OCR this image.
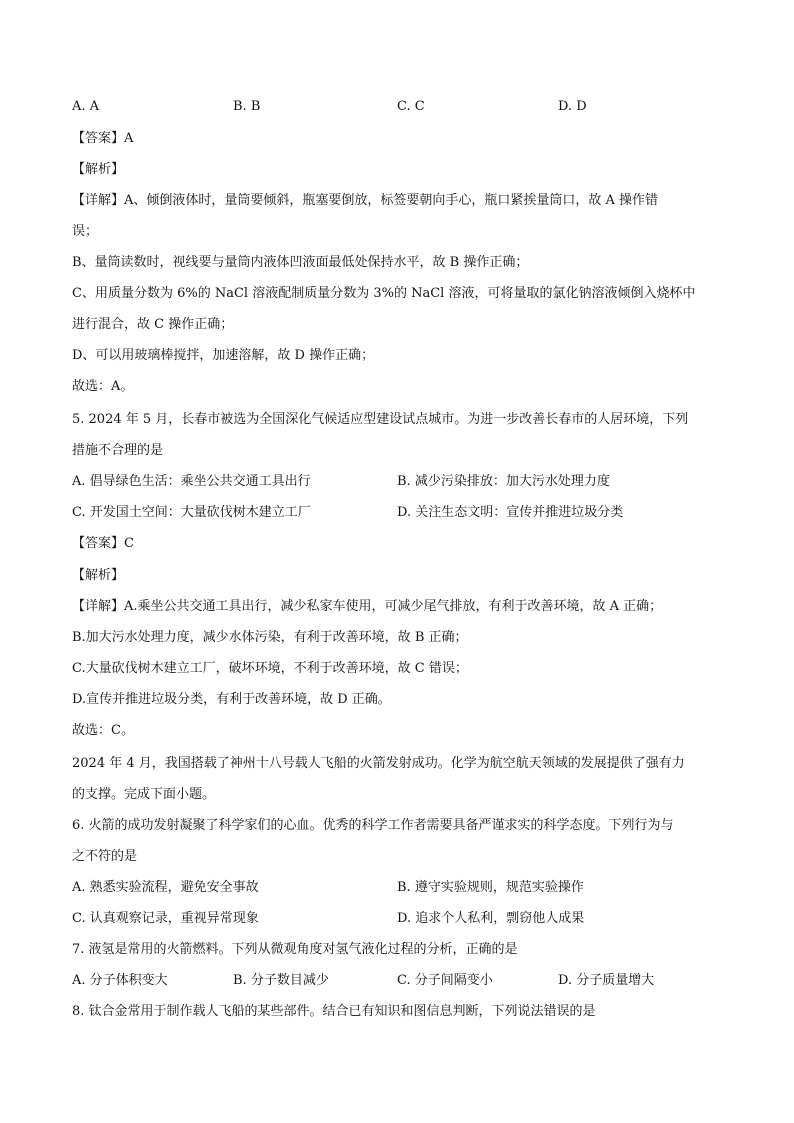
A. A	B. B	C. C	D. D
【答案】A
【解析】
【详解】A、倾倒液体时，量筒要倾斜，瓶塞要倒放，标签要朝向手心，瓶口紧挨量筒口，故 A 操作错
误；
B、量筒读数时，视线要与量筒内液体凹液面最低处保持水平，故 B 操作正确；
C、用质量分数为 6%的 NaCl 溶液配制质量分数为 3%的 NaCl 溶液，可将量取的氯化钠溶液倾倒入烧杯中
进行混合，故 C 操作正确；
D、可以用玻璃棒搅拌，加速溶解，故 D 操作正确；
故选：A。
5. 2024 年 5 月，长春市被选为全国深化气候适应型建设试点城市。为进一步改善长春市的人居环境，下列
措施不合理的是
A. 倡导绿色生活：乘坐公共交通工具出行	B. 减少污染排放：加大污水处理力度
C. 开发国土空间：大量砍伐树木建立工厂	D. 关注生态文明：宣传并推进垃圾分类
【答案】C
【解析】
【详解】A.乘坐公共交通工具出行，减少私家车使用，可减少尾气排放，有利于改善环境，故 A 正确；
B.加大污水处理力度，减少水体污染，有利于改善环境，故 B 正确；
C.大量砍伐树木建立工厂，破坏环境，不利于改善环境，故 C 错误；
D.宣传并推进垃圾分类，有利于改善环境，故 D 正确。
故选：C。
2024 年 4 月，我国搭载了神州十八号载人飞船的火箭发射成功。化学为航空航天领域的发展提供了强有力
的支撑。完成下面小题。
6. 火箭的成功发射凝聚了科学家们的心血。优秀的科学工作者需要具备严谨求实的科学态度。下列行为与
之不符的是
A. 熟悉实验流程，避免安全事故	B. 遵守实验规则，规范实验操作
C. 认真观察记录，重视异常现象	D. 追求个人私利，剽窃他人成果
7. 液氢是常用的火箭燃料。下列从微观角度对氢气液化过程的分析，正确的是
A. 分子体积变大	B. 分子数目减少	C. 分子间隔变小	D. 分子质量增大
8. 钛合金常用于制作载人飞船的某些部件。结合已有知识和图信息判断，下列说法错误的是
